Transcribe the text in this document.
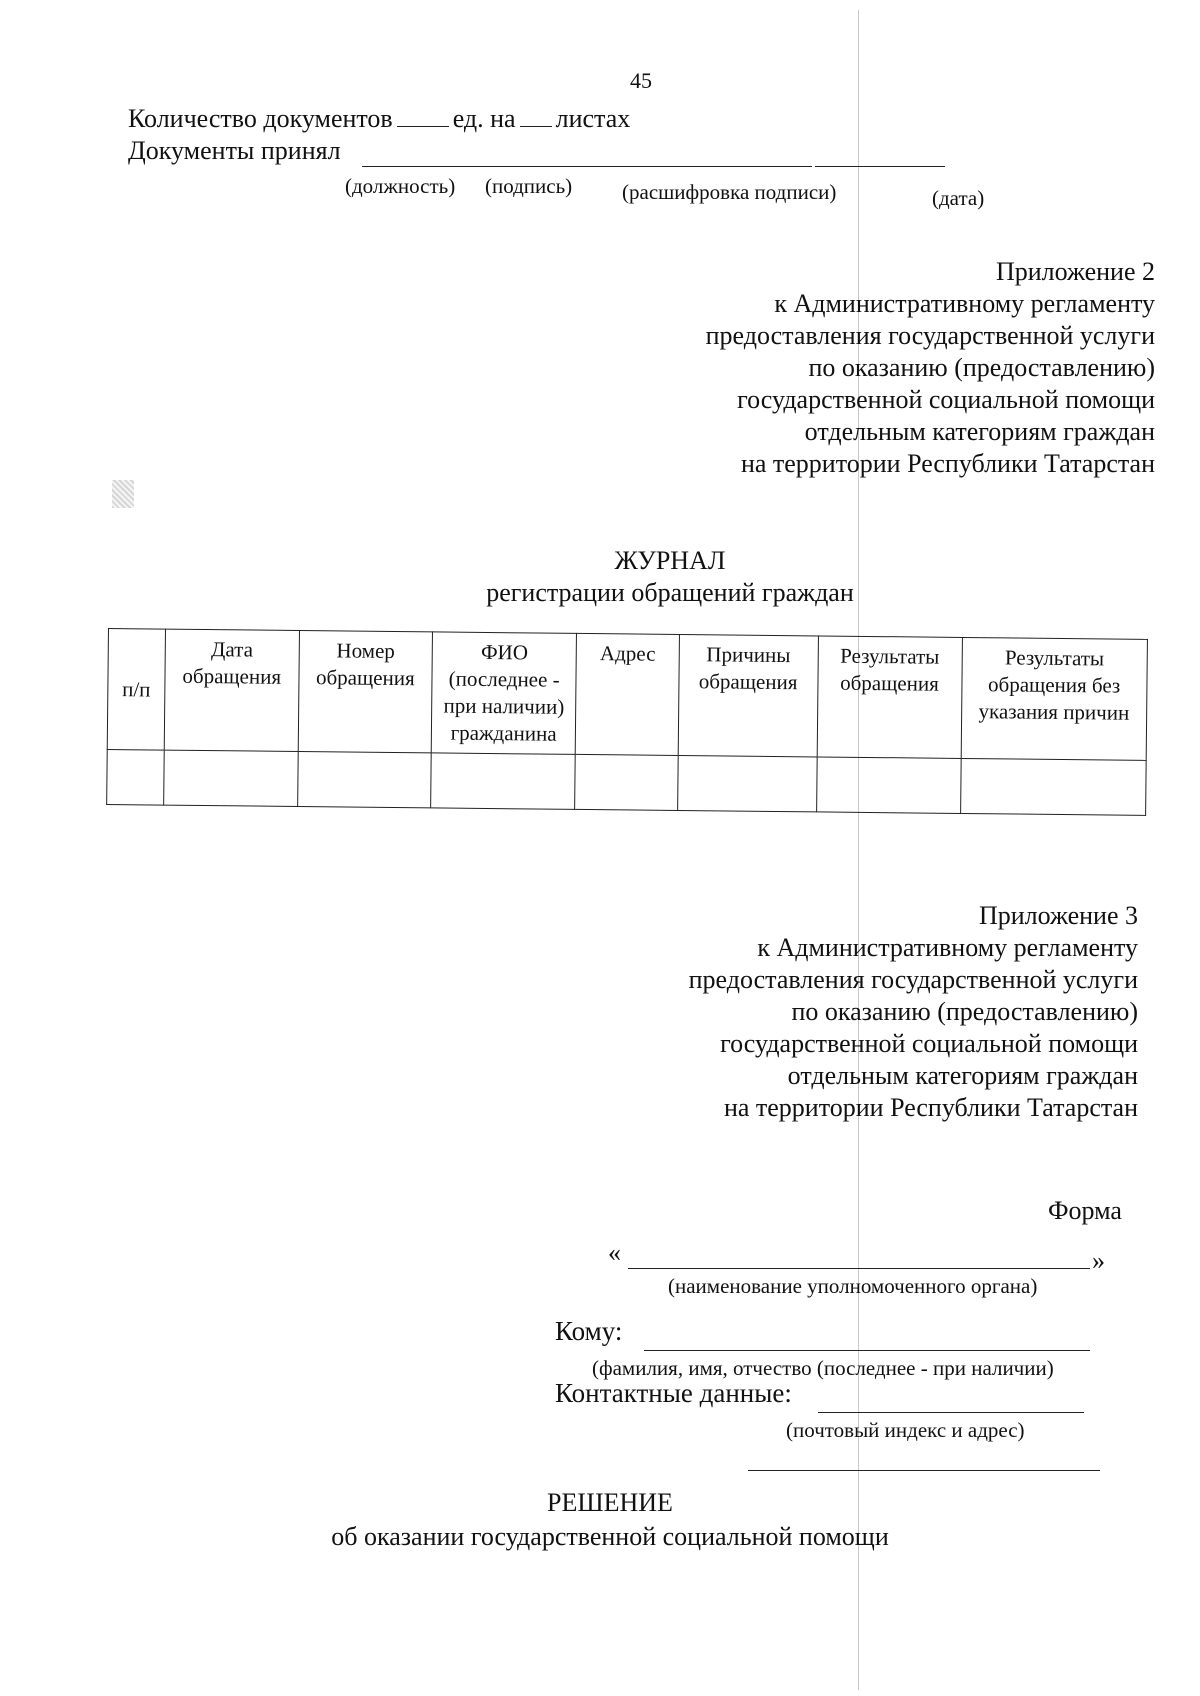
45
Количество документов ед. на листах
Документы принял
(должность) (подпись) (расшифровка подписи)	(дата)
Приложение 2
к Административному регламенту
предоставления государственной услуги
по оказанию (предоставлению)
государственной социальной помощи
отдельным категориям граждан
на территории Республики Татарстан
ЖУРНАЛ
регистрации обращений граждан
п/п	Дата обращения	Номер обращения	ФИО (последнее - при наличии) гражданина	Адрес	Причины обращения	Результаты обращения	Результаты обращения без указания причин

Приложение 3
к Административному регламенту
предоставления государственной услуги
по оказанию (предоставлению)
государственной социальной помощи
отдельным категориям граждан
на территории Республики Татарстан
Форма
«	»
(наименование уполномоченного органа)
Кому:
(фамилия, имя, отчество (последнее - при наличии)
Контактные данные:
(почтовый индекс и адрес)
РЕШЕНИЕ
об оказании государственной социальной помощи
